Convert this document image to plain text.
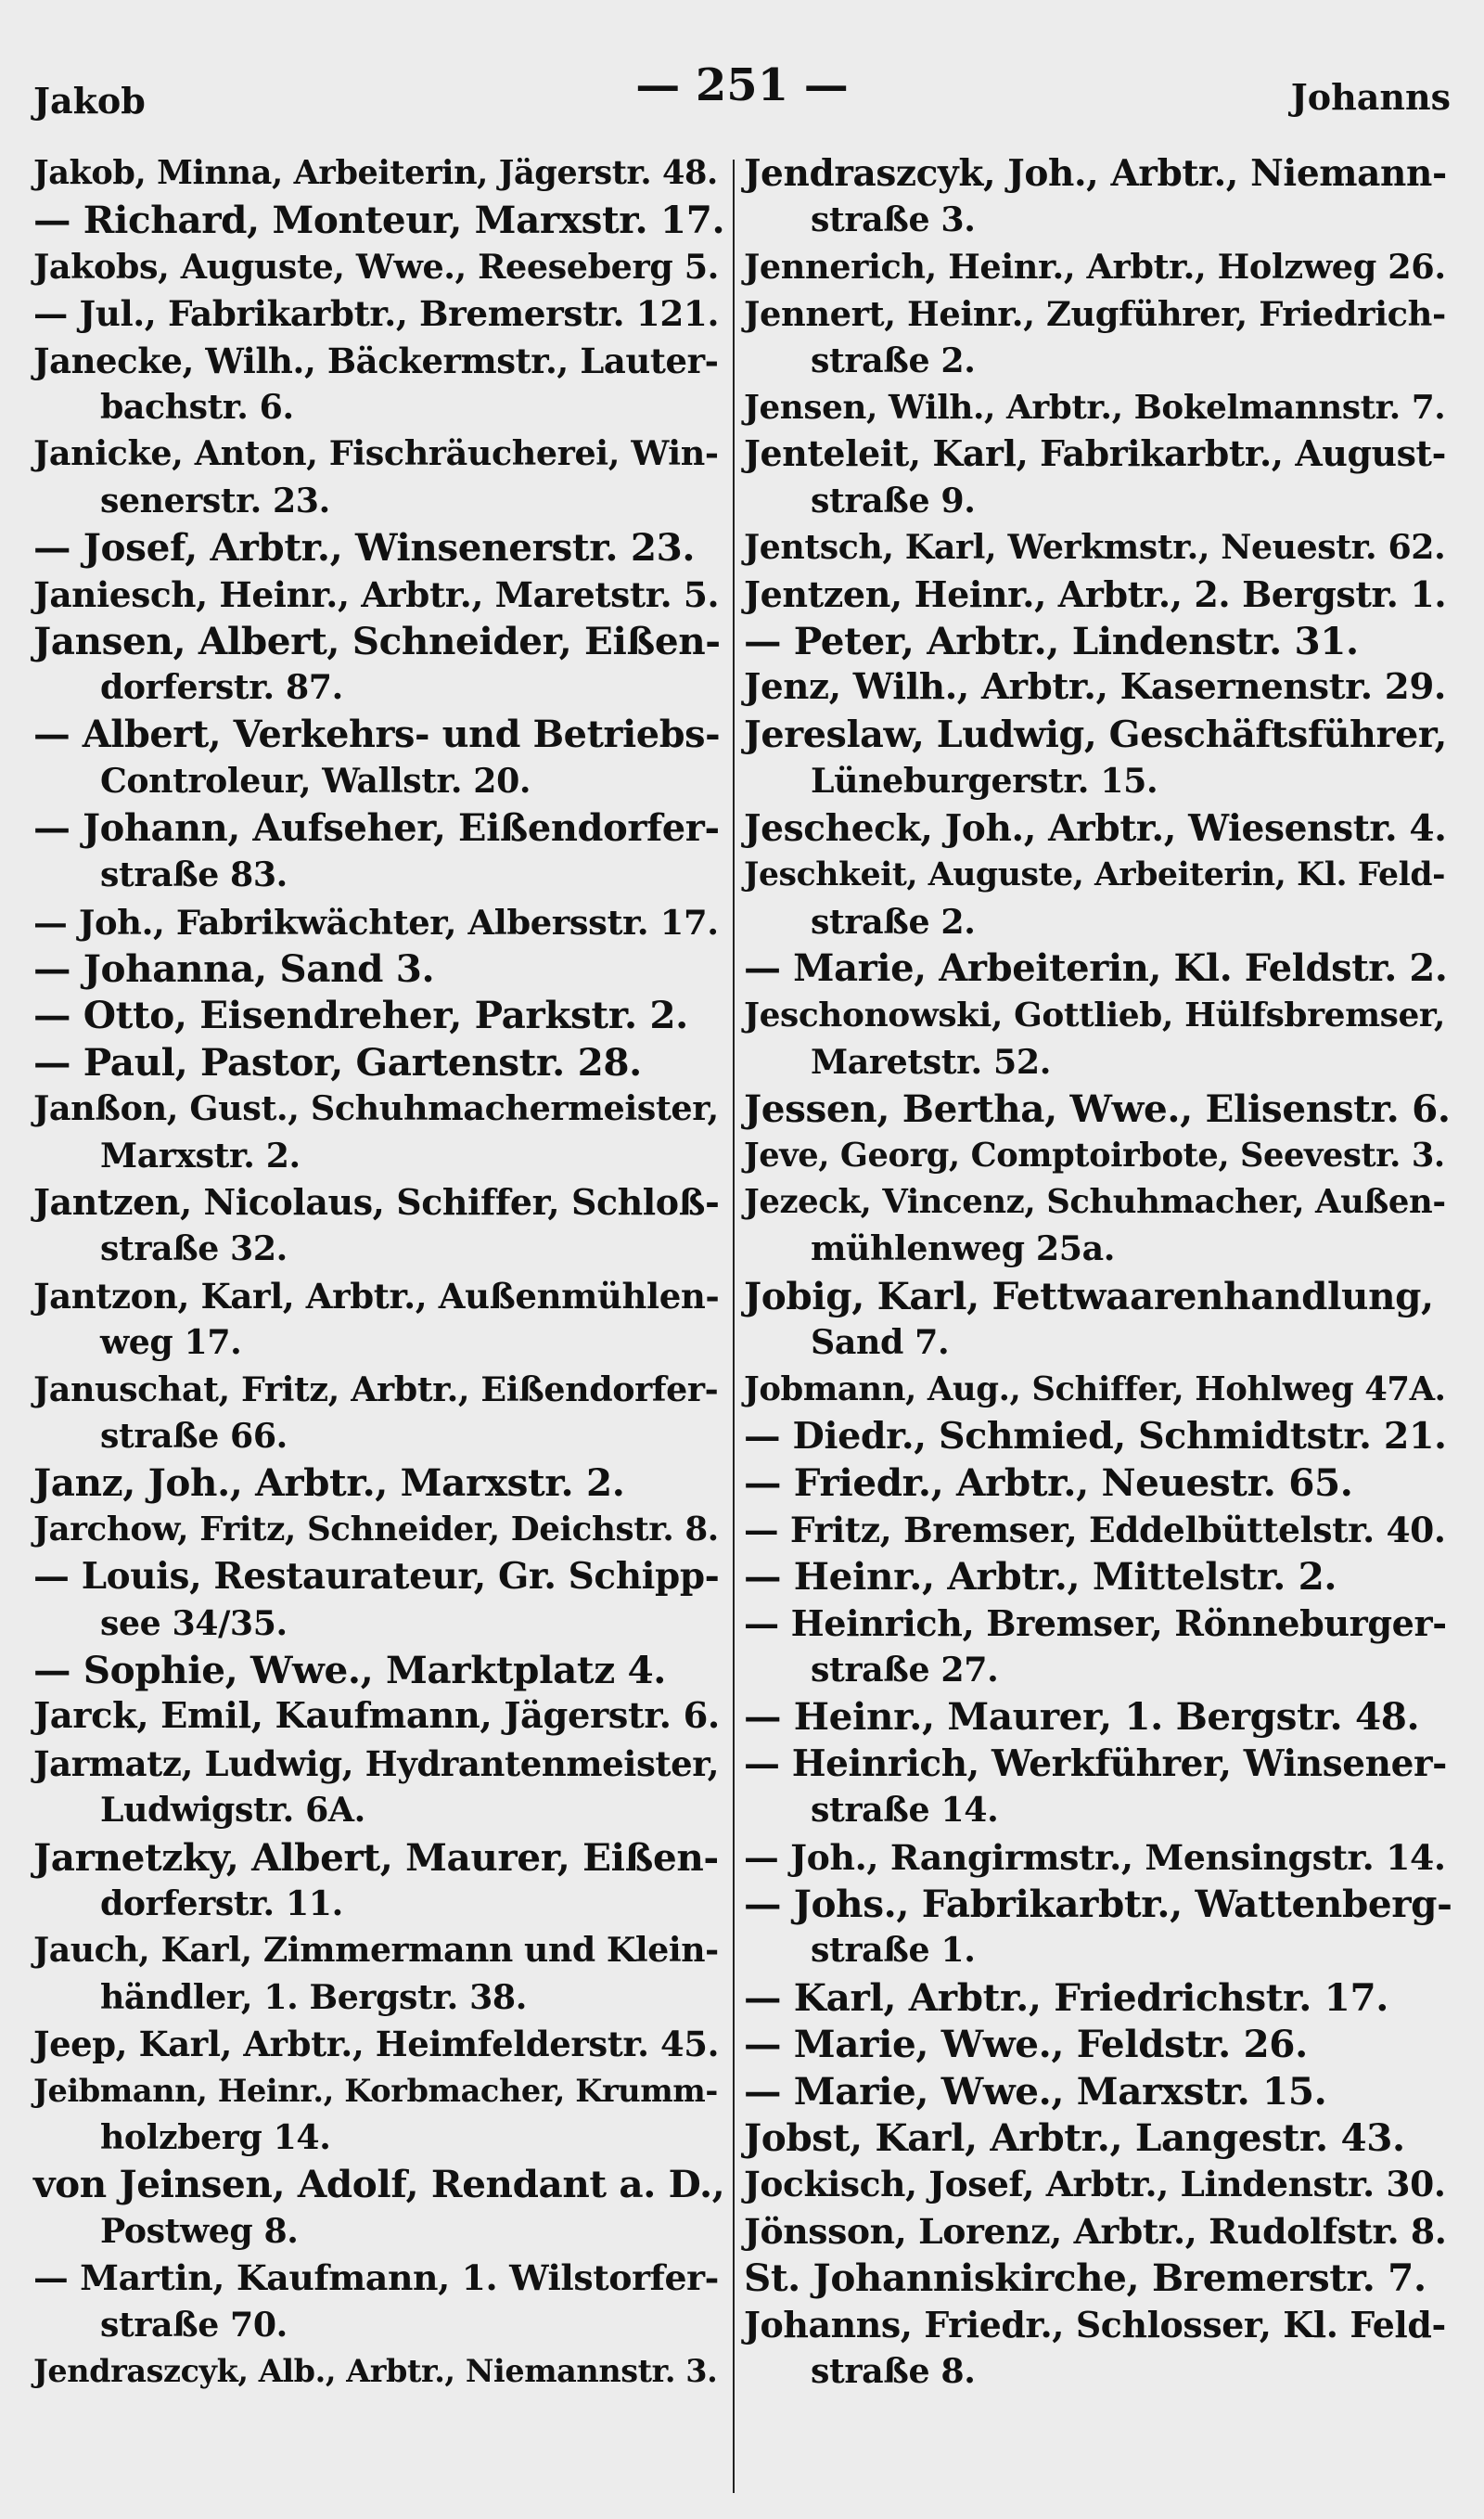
Jakob	— 251 —	Johanns
Jakob, Minna, Arbeiterin, Jägerstr. 48.
— Richard, Monteur, Marxstr. 17.
Jakobs, Auguste, Wwe., Reeseberg 5.
— Jul., Fabrikarbtr., Bremerstr. 121.
Janecke, Wilh., Bäckermstr., Lauter-
bachstr. 6.
Janicke, Anton, Fischräucherei, Win-
senerstr. 23.
— Josef, Arbtr., Winsenerstr. 23.
Janiesch, Heinr., Arbtr., Maretstr. 5.
Jansen, Albert, Schneider, Eißen-
dorferstr. 87.
— Albert, Verkehrs- und Betriebs-
Controleur, Wallstr. 20.
— Johann, Aufseher, Eißendorfer-
straße 83.
— Joh., Fabrikwächter, Albersstr. 17.
— Johanna, Sand 3.
— Otto, Eisendreher, Parkstr. 2.
— Paul, Pastor, Gartenstr. 28.
Janßon, Gust., Schuhmachermeister,
Marxstr. 2.
Jantzen, Nicolaus, Schiffer, Schloß-
straße 32.
Jantzon, Karl, Arbtr., Außenmühlen-
weg 17.
Januschat, Fritz, Arbtr., Eißendorfer-
straße 66.
Janz, Joh., Arbtr., Marxstr. 2.
Jarchow, Fritz, Schneider, Deichstr. 8.
— Louis, Restaurateur, Gr. Schipp-
see 34/35.
— Sophie, Wwe., Marktplatz 4.
Jarck, Emil, Kaufmann, Jägerstr. 6.
Jarmatz, Ludwig, Hydrantenmeister,
Ludwigstr. 6A.
Jarnetzky, Albert, Maurer, Eißen-
dorferstr. 11.
Jauch, Karl, Zimmermann und Klein-
händler, 1. Bergstr. 38.
Jeep, Karl, Arbtr., Heimfelderstr. 45.
Jeibmann, Heinr., Korbmacher, Krumm-
holzberg 14.
von Jeinsen, Adolf, Rendant a. D.,
Postweg 8.
— Martin, Kaufmann, 1. Wilstorfer-
straße 70.
Jendraszcyk, Alb., Arbtr., Niemannstr. 3.
Jendraszcyk, Joh., Arbtr., Niemann-
straße 3.
Jennerich, Heinr., Arbtr., Holzweg 26.
Jennert, Heinr., Zugführer, Friedrich-
straße 2.
Jensen, Wilh., Arbtr., Bokelmannstr. 7.
Jenteleit, Karl, Fabrikarbtr., August-
straße 9.
Jentsch, Karl, Werkmstr., Neuestr. 62.
Jentzen, Heinr., Arbtr., 2. Bergstr. 1.
— Peter, Arbtr., Lindenstr. 31.
Jenz, Wilh., Arbtr., Kasernenstr. 29.
Jereslaw, Ludwig, Geschäftsführer,
Lüneburgerstr. 15.
Jescheck, Joh., Arbtr., Wiesenstr. 4.
Jeschkeit, Auguste, Arbeiterin, Kl. Feld-
straße 2.
— Marie, Arbeiterin, Kl. Feldstr. 2.
Jeschonowski, Gottlieb, Hülfsbremser,
Maretstr. 52.
Jessen, Bertha, Wwe., Elisenstr. 6.
Jeve, Georg, Comptoirbote, Seevestr. 3.
Jezeck, Vincenz, Schuhmacher, Außen-
mühlenweg 25a.
Jobig, Karl, Fettwaarenhandlung,
Sand 7.
Jobmann, Aug., Schiffer, Hohlweg 47A.
— Diedr., Schmied, Schmidtstr. 21.
— Friedr., Arbtr., Neuestr. 65.
— Fritz, Bremser, Eddelbüttelstr. 40.
— Heinr., Arbtr., Mittelstr. 2.
— Heinrich, Bremser, Rönneburger-
straße 27.
— Heinr., Maurer, 1. Bergstr. 48.
— Heinrich, Werkführer, Winsener-
straße 14.
— Joh., Rangirmstr., Mensingstr. 14.
— Johs., Fabrikarbtr., Wattenberg-
straße 1.
— Karl, Arbtr., Friedrichstr. 17.
— Marie, Wwe., Feldstr. 26.
— Marie, Wwe., Marxstr. 15.
Jobst, Karl, Arbtr., Langestr. 43.
Jockisch, Josef, Arbtr., Lindenstr. 30.
Jönsson, Lorenz, Arbtr., Rudolfstr. 8.
St. Johanniskirche, Bremerstr. 7.
Johanns, Friedr., Schlosser, Kl. Feld-
straße 8.
